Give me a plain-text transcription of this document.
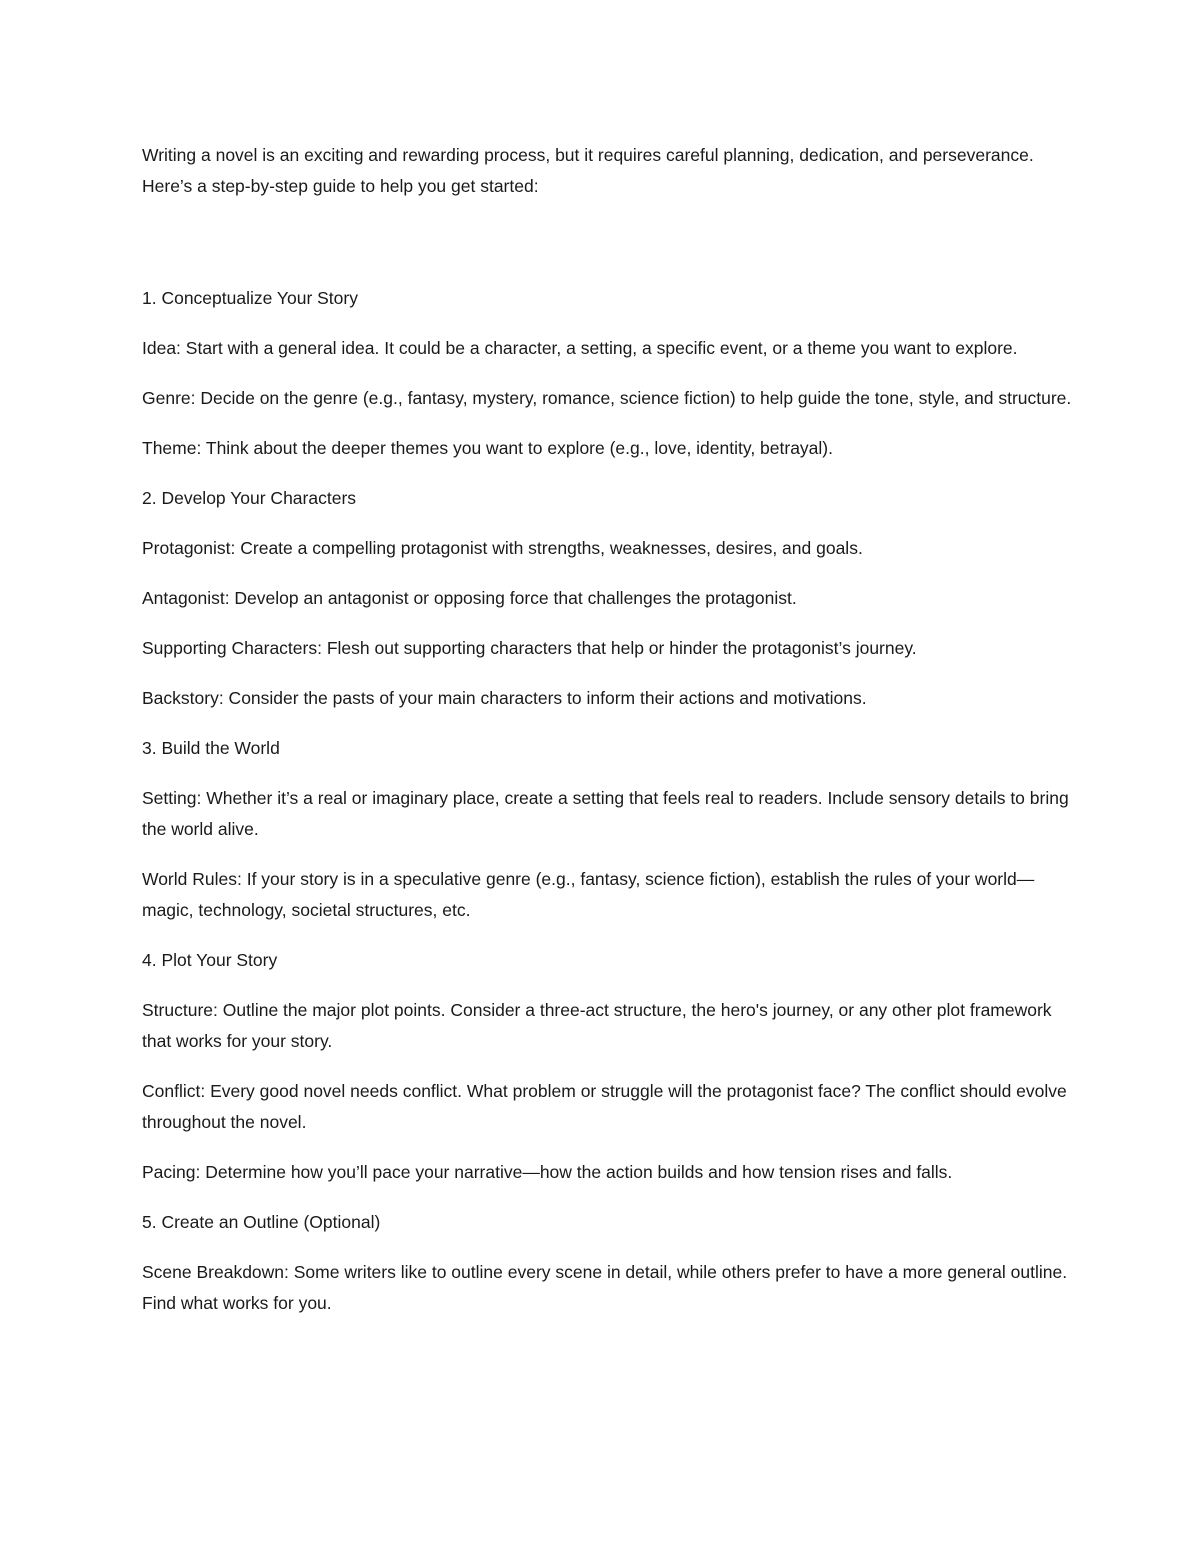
Writing a novel is an exciting and rewarding process, but it requires careful planning, dedication, and perseverance. Here’s a step-by-step guide to help you get started:

1. Conceptualize Your Story

Idea: Start with a general idea. It could be a character, a setting, a specific event, or a theme you want to explore.

Genre: Decide on the genre (e.g., fantasy, mystery, romance, science fiction) to help guide the tone, style, and structure.

Theme: Think about the deeper themes you want to explore (e.g., love, identity, betrayal).

2. Develop Your Characters

Protagonist: Create a compelling protagonist with strengths, weaknesses, desires, and goals.

Antagonist: Develop an antagonist or opposing force that challenges the protagonist.

Supporting Characters: Flesh out supporting characters that help or hinder the protagonist’s journey.

Backstory: Consider the pasts of your main characters to inform their actions and motivations.

3. Build the World

Setting: Whether it’s a real or imaginary place, create a setting that feels real to readers. Include sensory details to bring the world alive.

World Rules: If your story is in a speculative genre (e.g., fantasy, science fiction), establish the rules of your world—magic, technology, societal structures, etc.

4. Plot Your Story

Structure: Outline the major plot points. Consider a three-act structure, the hero's journey, or any other plot framework that works for your story.

Conflict: Every good novel needs conflict. What problem or struggle will the protagonist face? The conflict should evolve throughout the novel.

Pacing: Determine how you’ll pace your narrative—how the action builds and how tension rises and falls.

5. Create an Outline (Optional)

Scene Breakdown: Some writers like to outline every scene in detail, while others prefer to have a more general outline. Find what works for you.
